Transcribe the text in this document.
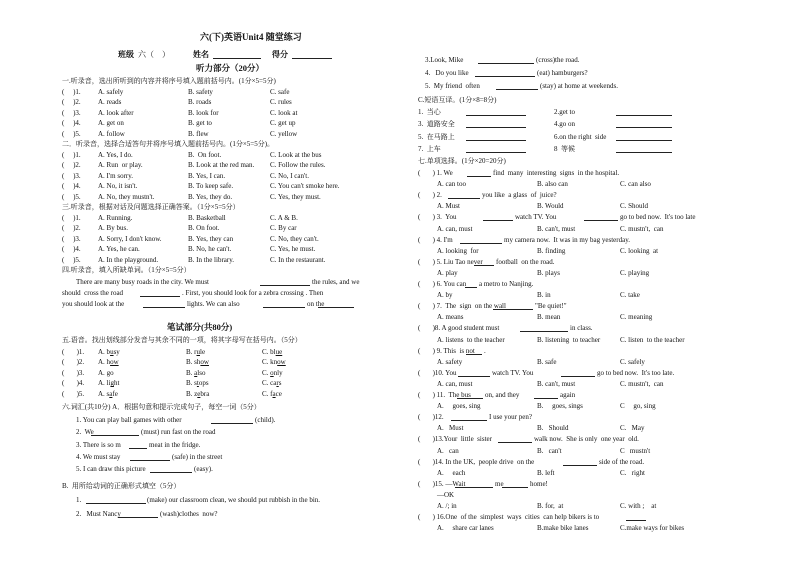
六(下)英语Unit4 随堂练习
班级 六（    ）	姓名	得分
听力部分（20分）
一.听录音，选出所听到的内容并将序号填入题前括号内。(1分×5=5分)
(     )1. A. safely	B. safety	C. safe
(     )2. A. reads	B. roads	C. rules
(     )3. A. look after	B. look for	C. look at
(     )4. A. get on	B. get to	C. get up
(     )5. A. follow	B. flew	C. yellow
二．听录音，选择合适答句并将序号填入题前括号内。(1分×5=5分)。
(     )1. A. Yes, I do.	B.  On foot.	C. Look at the bus
(     )2. A. Run  or play.	B. Look at the red man. C. Follow the rules.
(     )3. A. I'm sorry.	B. Yes, I can.	C. No, I can't.
(     )4. A. No, it isn't.	B. To keep safe.	C. You can't smoke here.
(     )5. A. No, they mustn't.	B. Yes, they do.	C. Yes, they must.
三.听录音，根据对话及问题选择正确答案。（1分×5=5分）
(     )1. A. Running.	B. Basketball	C. A & B.
(     )2. A. By bus.	B. On foot.	C. By car
(     )3. A. Sorry, I don't know.	B. Yes, they can	C. No, they can't.
(     )4. A. Yes, he can.	B. No, he can't.	C. Yes, he must.
(     )5. A. In the playground.	B. In the library.	C. In the restaurant.
四.听录音，填入所缺单词。（1分×5=5分）
There are many busy roads in the city. We must	the rules, and we
should  cross the road	. First, you should look for a zebra crossing . Then
you should look at the	lights. We can also	on the
笔试部分(共80分)
五.语音。找出划线部分发音与其余不同的一项，将其字母写在括号内。（5分）
(       )1. A. busy	B. rule	C. blue
(       )2. A. how	B. show	C. know
(       )3. A. go	B. also	C. only
(       )4. A. light	B. stops	C. cars
(       )5. A. safe	B. zebra	C. face
六.词汇(共10分) A．根据句意和提示完成句子，每空一词（5分）
1. You can play ball games with other	(child).
2.  We	(must) run fast on the road
3. There is so m	meat in the fridge.
4. We must stay	(safe) in the street
5. I can draw this picture	(easy).
B.  用所给动词的正确形式填空（5分）
1.	(make) our classroom clean, we should put rubbish in the bin.
2.   Must Nancy	(wash)clothes  now?
3.Look, Mike	(cross)the road.
4.   Do you like	(eat) hamburgers?
5.  My friend  often	(stay) at home at weekends.
C.短语互译。(1分×8=8分)
1.  当心	2.get to
3.  道路安全	4.go on
5.  在马路上	6.on the right  side
7.  上车	8  等候
七.单项选择。(1分×20=20分)
(       ) 1. We	find  many  interesting  signs  in the hospital.
A. can too	B. also can	C. can also
(       ) 2.	you like  a glass  of  juice?
A. Must	B. Would	C. Should
(       ) 3.  You	watch TV. You	go to bed now.  It's too late
A. can, must	B. can't, must	C. mustn't,  can
(       ) 4. I'm	my camera now.  It was in my bag yesterday.
A. looking  for	B. finding	C. looking  at
(       ) 5. Liu Tao never football  on the road.
A. play	B. plays	C. playing
(       ) 6. You can a metro to Nanjing.
A. by	B. in	C. take
(       ) 7.  The  sign  on the wall	"Be quiet!"
A. means	B. mean	C. meaning
(       )8. A good student must	in class.
A. listens  to the teacher	B. listening  to teacher	C. listen  to the teacher
(       ) 9. This  is not .
A. safety	B. safe	C. safely
(       )10. You	watch TV. You	go to bed now.  It's too late.
A. can, must	B. can't, must	C. mustn't,  can
(       ) 11.  The bus on, and they	again
A.     goes, sing	B.     goes, sings	C     go, sing
(       )12.	I use your pen?
A.   Must	B.   Should	C.   May
(       )13.Your  little  sister	walk now.  She is only  one year  old.
A.   can	B.   can't	C   mustn't
(       )14. In the UK,  people drive  on the	side of the road.
A.     each	B. left	C.   right
(       )15. —Wait	me	home!
—OK
A. /; in	B. for,  at	C. with ;    at
(       ) 16.One  of the  simplest  ways  cities  can help bikers is to
A.     share car lanes	B.make bike lanes	C.make ways for bikes
